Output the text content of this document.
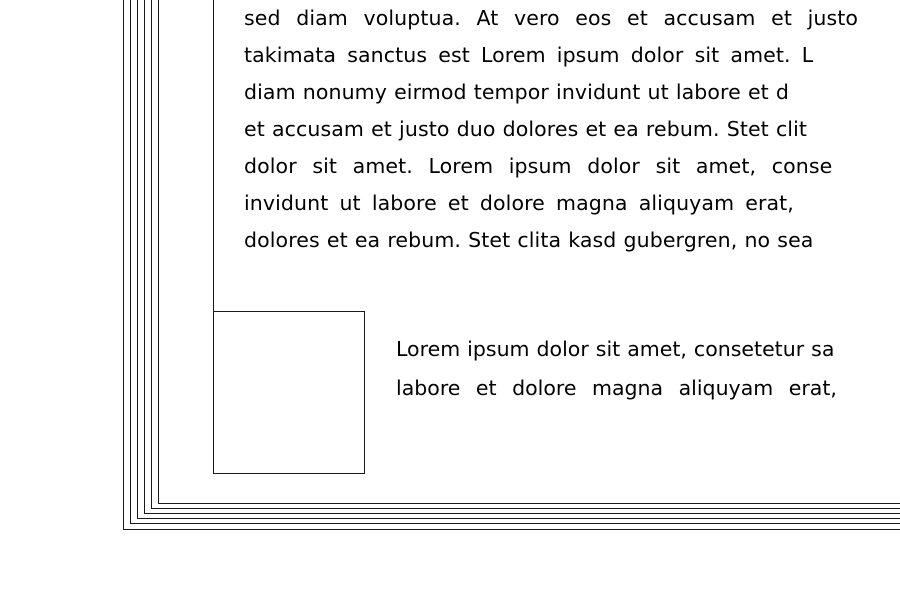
sed diam voluptua. At vero eos et accusam et justo
takimata sanctus est Lorem ipsum dolor sit amet. L
diam nonumy eirmod tempor invidunt ut labore et d
et accusam et justo duo dolores et ea rebum. Stet clit
dolor sit amet. Lorem ipsum dolor sit amet, conse
invidunt ut labore et dolore magna aliquyam erat,
dolores et ea rebum. Stet clita kasd gubergren, no sea
Lorem ipsum dolor sit amet, consetetur sa
labore et dolore magna aliquyam erat,
